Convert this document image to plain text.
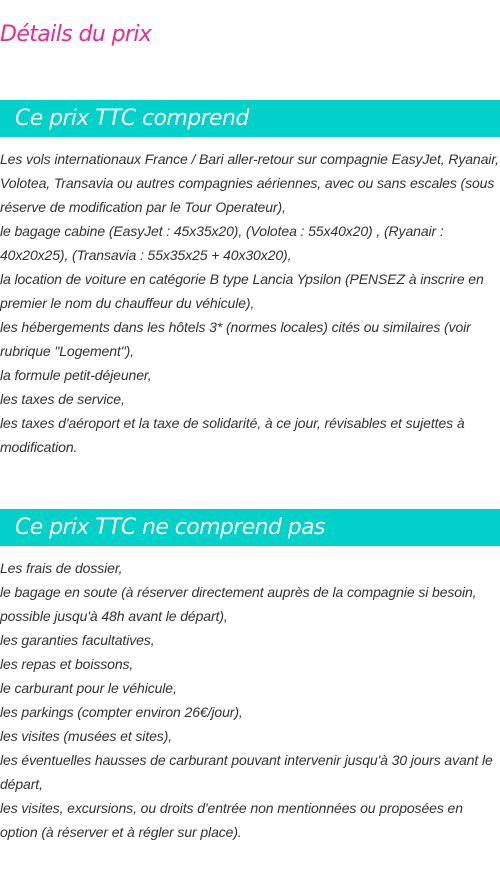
Détails du prix
Ce prix TTC comprend
Les vols internationaux France / Bari aller-retour sur compagnie EasyJet, Ryanair, Volotea, Transavia ou autres compagnies aériennes, avec ou sans escales (sous réserve de modification par le Tour Operateur),
le bagage cabine (EasyJet : 45x35x20), (Volotea : 55x40x20) , (Ryanair : 40x20x25), (Transavia : 55x35x25 + 40x30x20),
la location de voiture en catégorie B type Lancia Ypsilon (PENSEZ à inscrire en premier le nom du chauffeur du véhicule),
les hébergements dans les hôtels 3* (normes locales) cités ou similaires (voir rubrique "Logement"),
la formule petit-déjeuner,
les taxes de service,
les taxes d'aéroport et la taxe de solidarité, à ce jour, révisables et sujettes à modification.
Ce prix TTC ne comprend pas
Les frais de dossier,
le bagage en soute (à réserver directement auprès de la compagnie si besoin, possible jusqu'à 48h avant le départ),
les garanties facultatives,
les repas et boissons,
le carburant pour le véhicule,
les parkings (compter environ 26€/jour),
les visites (musées et sites),
les éventuelles hausses de carburant pouvant intervenir jusqu'à 30 jours avant le départ,
les visites, excursions, ou droits d'entrée non mentionnées ou proposées en option (à réserver et à régler sur place).
